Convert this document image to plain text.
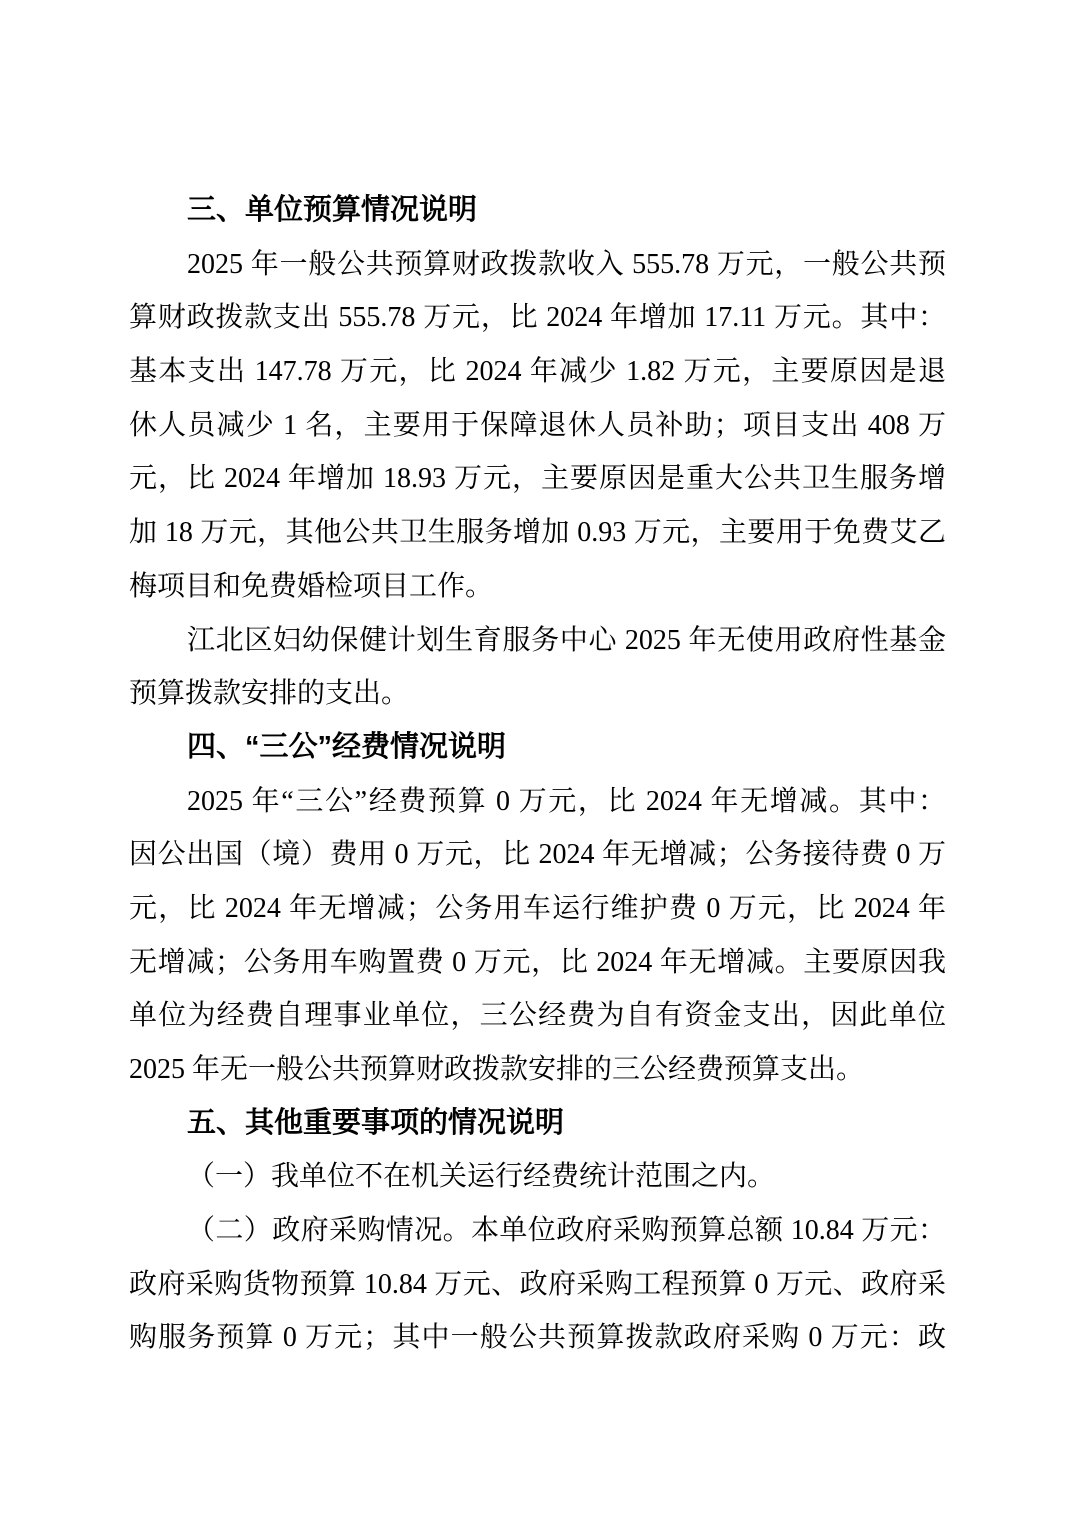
三、单位预算情况说明
2025 年一般公共预算财政拨款收入 555.78 万元，一般公共预
算财政拨款支出 555.78 万元，比 2024 年增加 17.11 万元。其中：
基本支出 147.78 万元，比 2024 年减少 1.82 万元，主要原因是退
休人员减少 1 名，主要用于保障退休人员补助；项目支出 408 万
元，比 2024 年增加 18.93 万元，主要原因是重大公共卫生服务增
加 18 万元，其他公共卫生服务增加 0.93 万元，主要用于免费艾乙
梅项目和免费婚检项目工作。
江北区妇幼保健计划生育服务中心 2025 年无使用政府性基金
预算拨款安排的支出。
四、“三公”经费情况说明
2025 年“三公”经费预算 0 万元，比 2024 年无增减。其中：
因公出国（境）费用 0 万元，比 2024 年无增减；公务接待费 0 万
元，比 2024 年无增减；公务用车运行维护费 0 万元，比 2024 年
无增减；公务用车购置费 0 万元，比 2024 年无增减。主要原因我
单位为经费自理事业单位，三公经费为自有资金支出，因此单位
2025 年无一般公共预算财政拨款安排的三公经费预算支出。
五、其他重要事项的情况说明
（一）我单位不在机关运行经费统计范围之内。
（二）政府采购情况。本单位政府采购预算总额 10.84 万元：
政府采购货物预算 10.84 万元、政府采购工程预算 0 万元、政府采
购服务预算 0 万元；其中一般公共预算拨款政府采购 0 万元：政
